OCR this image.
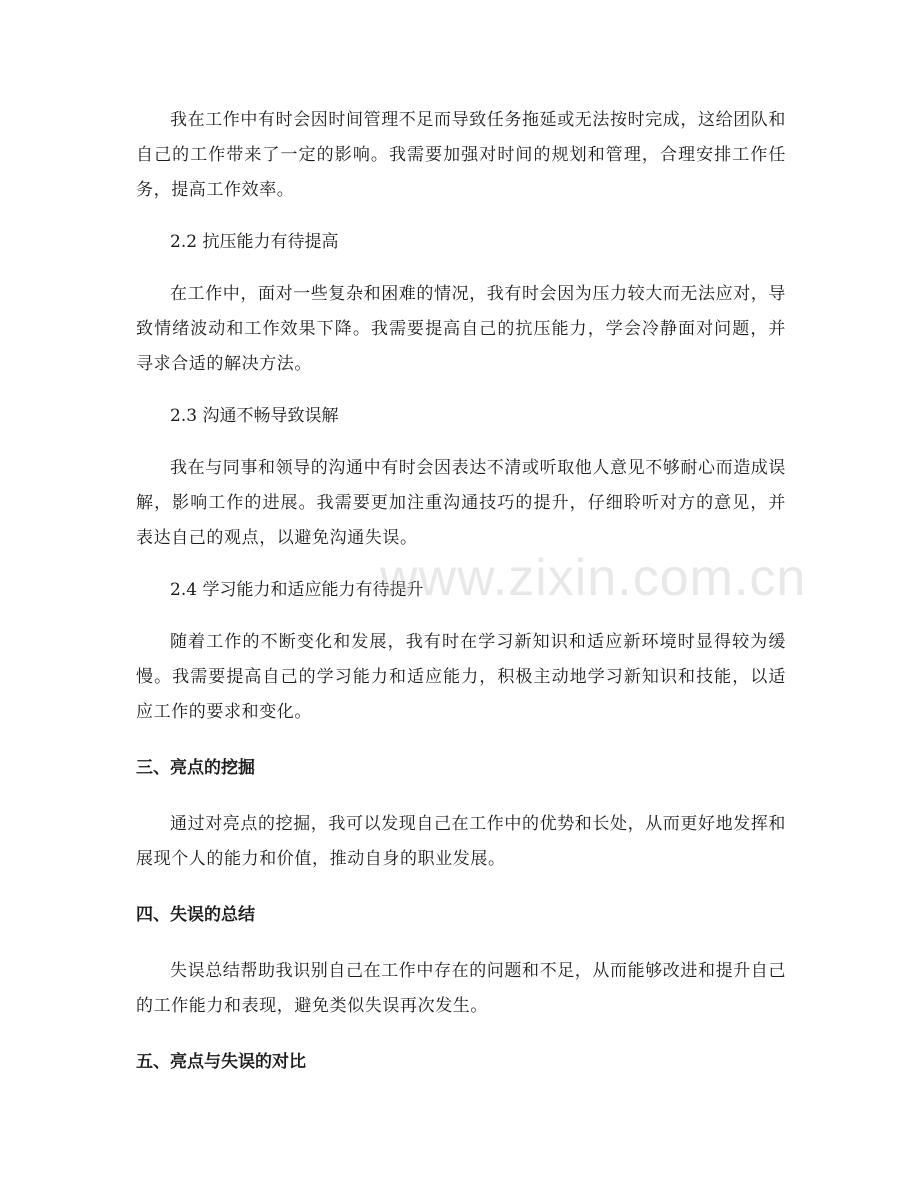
我在工作中有时会因时间管理不足而导致任务拖延或无法按时完成，这给团队和自己的工作带来了一定的影响。我需要加强对时间的规划和管理，合理安排工作任务，提高工作效率。

2.2 抗压能力有待提高

在工作中，面对一些复杂和困难的情况，我有时会因为压力较大而无法应对，导致情绪波动和工作效果下降。我需要提高自己的抗压能力，学会冷静面对问题，并寻求合适的解决方法。

2.3 沟通不畅导致误解

我在与同事和领导的沟通中有时会因表达不清或听取他人意见不够耐心而造成误解，影响工作的进展。我需要更加注重沟通技巧的提升，仔细聆听对方的意见，并表达自己的观点，以避免沟通失误。

2.4 学习能力和适应能力有待提升

随着工作的不断变化和发展，我有时在学习新知识和适应新环境时显得较为缓慢。我需要提高自己的学习能力和适应能力，积极主动地学习新知识和技能，以适应工作的要求和变化。

三、亮点的挖掘

通过对亮点的挖掘，我可以发现自己在工作中的优势和长处，从而更好地发挥和展现个人的能力和价值，推动自身的职业发展。

四、失误的总结

失误总结帮助我识别自己在工作中存在的问题和不足，从而能够改进和提升自己的工作能力和表现，避免类似失误再次发生。

五、亮点与失误的对比

www.zixin.com.cn
